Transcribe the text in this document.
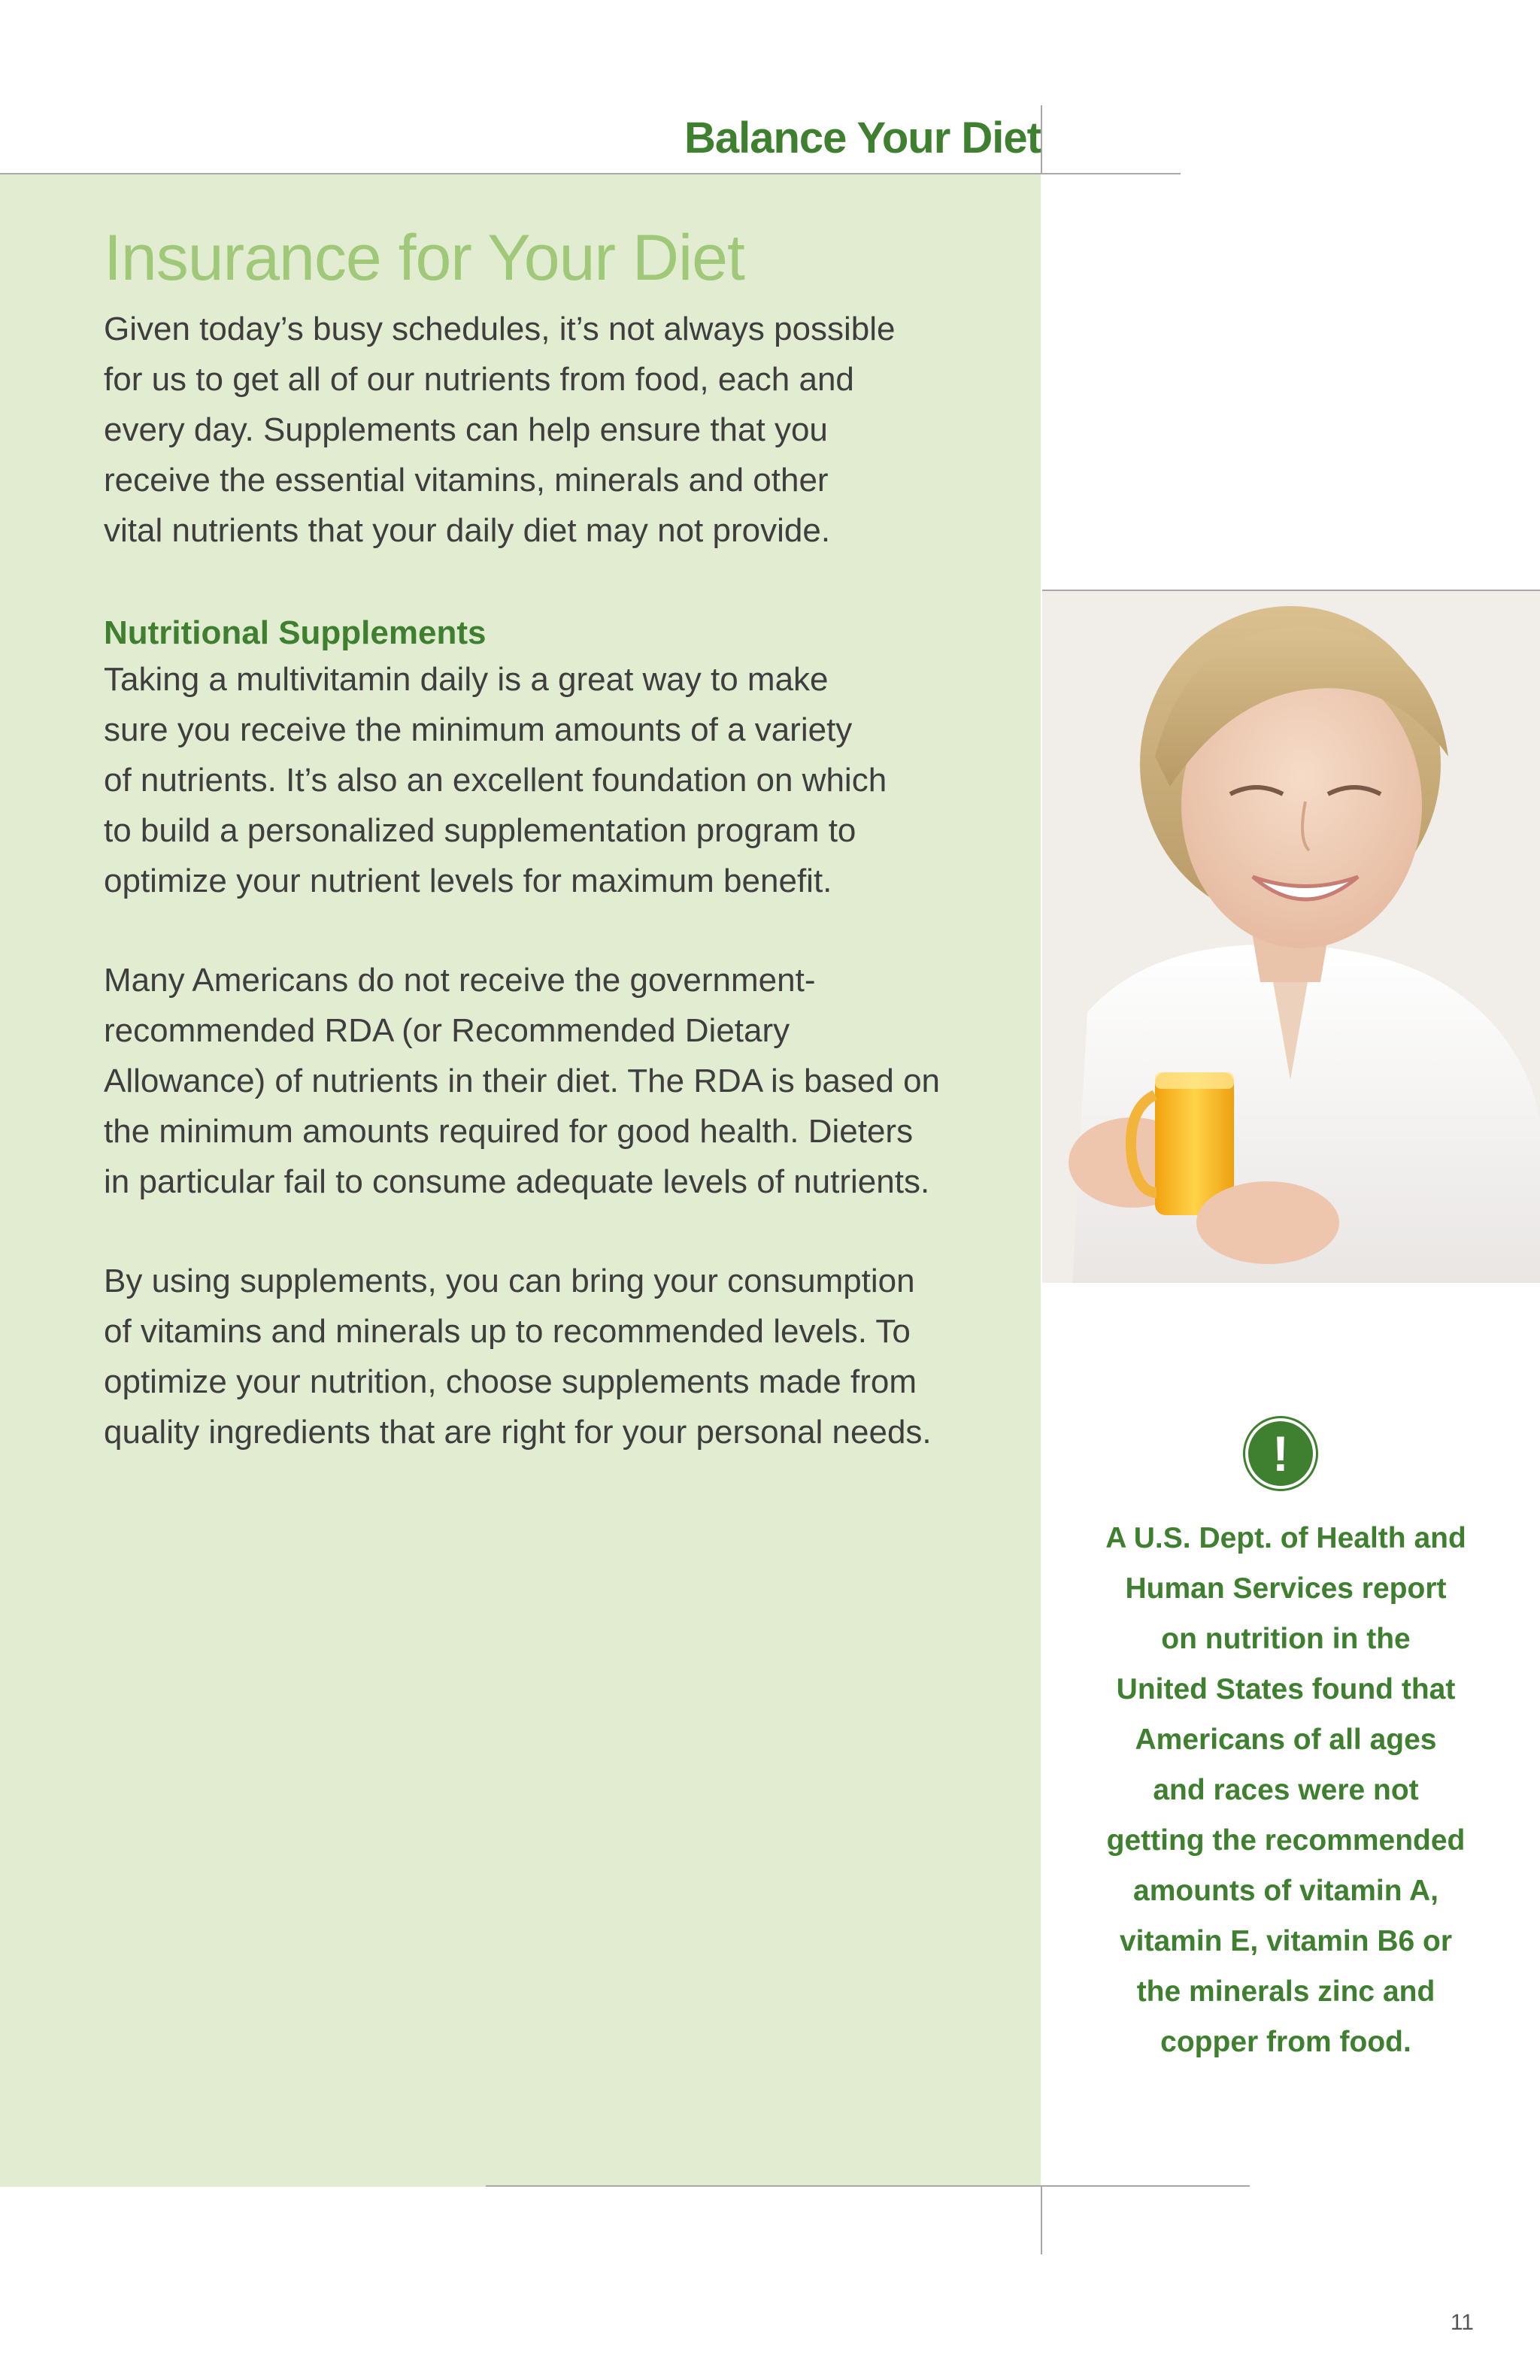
Balance Your Diet
Insurance for Your Diet
Given today’s busy schedules, it’s not always possible
for us to get all of our nutrients from food, each and
every day. Supplements can help ensure that you
receive the essential vitamins, minerals and other
vital nutrients that your daily diet may not provide.
Nutritional Supplements
Taking a multivitamin daily is a great way to make
sure you receive the minimum amounts of a variety
of nutrients. It’s also an excellent foundation on which
to build a personalized supplementation program to
optimize your nutrient levels for maximum benefit.
Many Americans do not receive the government-
recommended RDA (or Recommended Dietary
Allowance) of nutrients in their diet. The RDA is based on
the minimum amounts required for good health. Dieters
in particular fail to consume adequate levels of nutrients.
By using supplements, you can bring your consumption
of vitamins and minerals up to recommended levels. To
optimize your nutrition, choose supplements made from
quality ingredients that are right for your personal needs.	!
A U.S. Dept. of Health and
Human Services report
on nutrition in the
United States found that
Americans of all ages
and races were not
getting the recommended
amounts of vitamin A,
vitamin E, vitamin B6 or
the minerals zinc and
copper from food.
11
